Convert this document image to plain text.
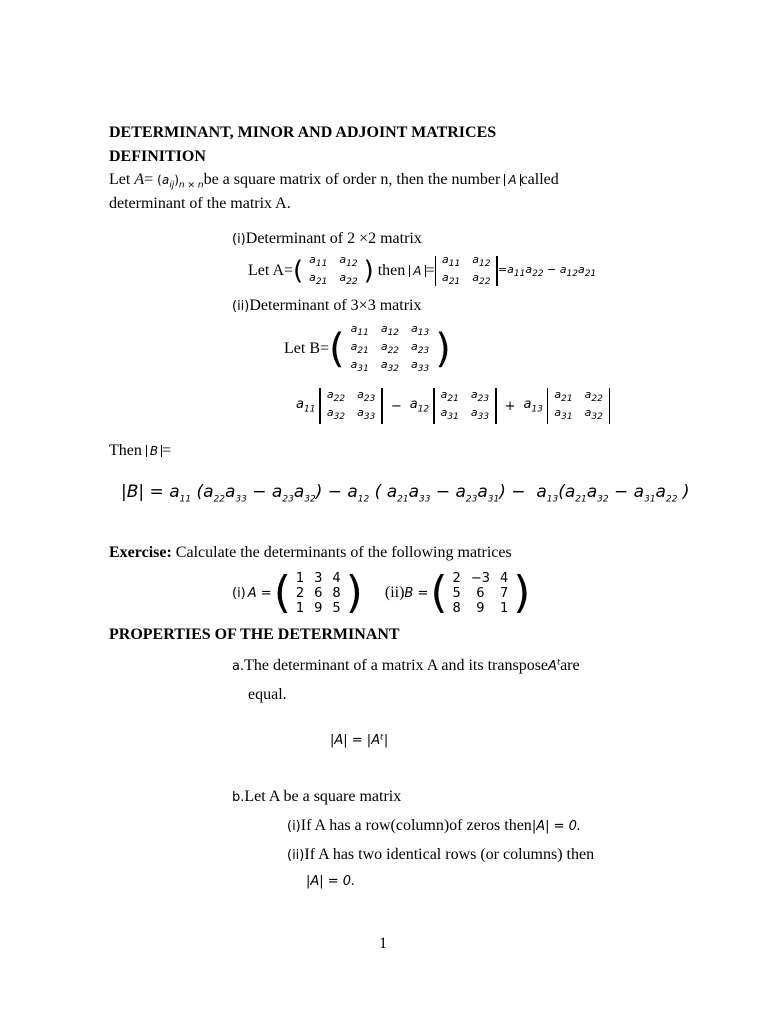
DETERMINANT, MINOR AND ADJOINT MATRICES
DEFINITION
Let $A= (a_{ij})_{n \times n}be$ a square matrix of order n, then the number A called
determinant of the matrix A.
(i)Determinant of 2 ×2 matrix
Let A= ( $a_{11}$	$a_{12}$
$a_{21}$	$a_{22}$ ) then A =
$a_{11}$	$a_{12}$
$a_{21}$	$a_{22}$
$=a_{11}a_{22} - a_{12}a_{21}$
(ii)Determinant of 3×3 matrix
Let B= ( $a_{11}$	$a_{12}$	$a_{13}$
$a_{21}$	$a_{22}$	$a_{23}$
$a_{31}$	$a_{32}$	$a_{33}$ )
$a_{11}$
$a_{22}$	$a_{23}$
$a_{32}$	$a_{33}$
− $a_{12}$
$a_{21}$	$a_{23}$
$a_{31}$	$a_{33}$
+ $a_{13}$
$a_{21}$	$a_{22}$
$a_{31}$	$a_{32}$
Then B =
$|B| = a_{11}$ $(a_{22}a_{33} - a_{23}a_{32}) - a_{12}$ ( $a_{21}a_{33} - a_{23}a_{31}) - a_{13}(a_{21}a_{32} - a_{31}a_{22}$ )
Exercise: Calculate the determinants of the following matrices
(i) A = ( 1	3	4
2	6	8
1	9	5 ) (ii) B = ( 2	−3	4
5	6	7
8	9	1 )
PROPERTIES OF THE DETERMINANT
a.The determinant of a matrix A and its transposeA$^t$are
equal.
|A| = |Aᵗ|
b.Let A be a square matrix
(i)If A has a row(column)of zeros then|A| = 0.
(ii)If A has two identical rows (or columns) then
|A| = 0.
1
